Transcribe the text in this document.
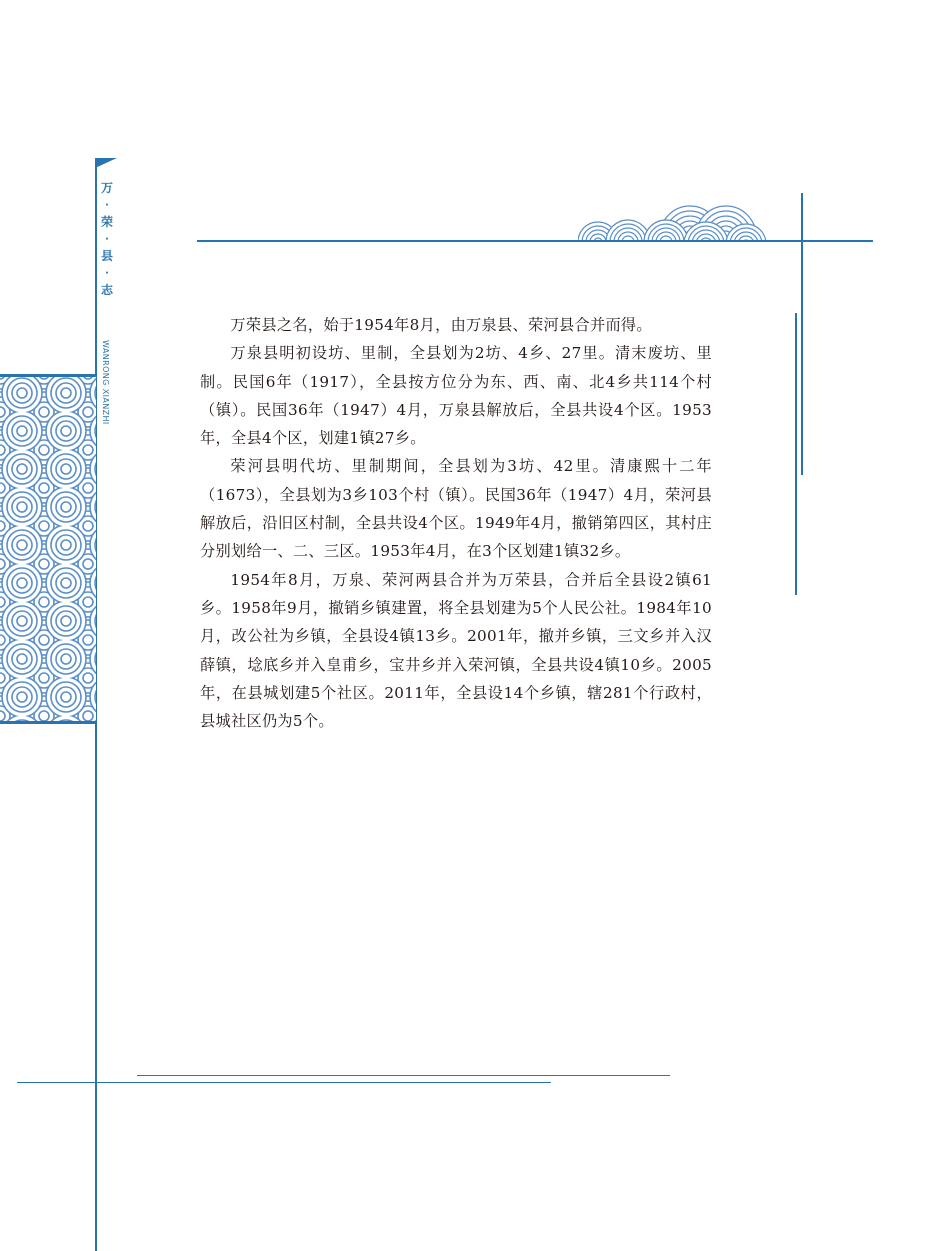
万
·
荣
·
县
·
志
WANRONG XIANZHI

万荣县之名，始于1954年8月，由万泉县、荣河县合并而得。

万泉县明初设坊、里制，全县划为2坊、4乡、27里。清末废坊、里制。民国6年（1917），全县按方位分为东、西、南、北4乡共114个村（镇）。民国36年（1947）4月，万泉县解放后，全县共设4个区。1953年，全县4个区，划建1镇27乡。

荣河县明代坊、里制期间，全县划为3坊、42里。清康熙十二年（1673），全县划为3乡103个村（镇）。民国36年（1947）4月，荣河县解放后，沿旧区村制，全县共设4个区。1949年4月，撤销第四区，其村庄分别划给一、二、三区。1953年4月，在3个区划建1镇32乡。

1954年8月，万泉、荣河两县合并为万荣县，合并后全县设2镇61乡。1958年9月，撤销乡镇建置，将全县划建为5个人民公社。1984年10月，改公社为乡镇，全县设4镇13乡。2001年，撤并乡镇，三文乡并入汉薛镇，埝底乡并入皇甫乡，宝井乡并入荣河镇，全县共设4镇10乡。2005年，在县城划建5个社区。2011年，全县设14个乡镇，辖281个行政村，县城社区仍为5个。
